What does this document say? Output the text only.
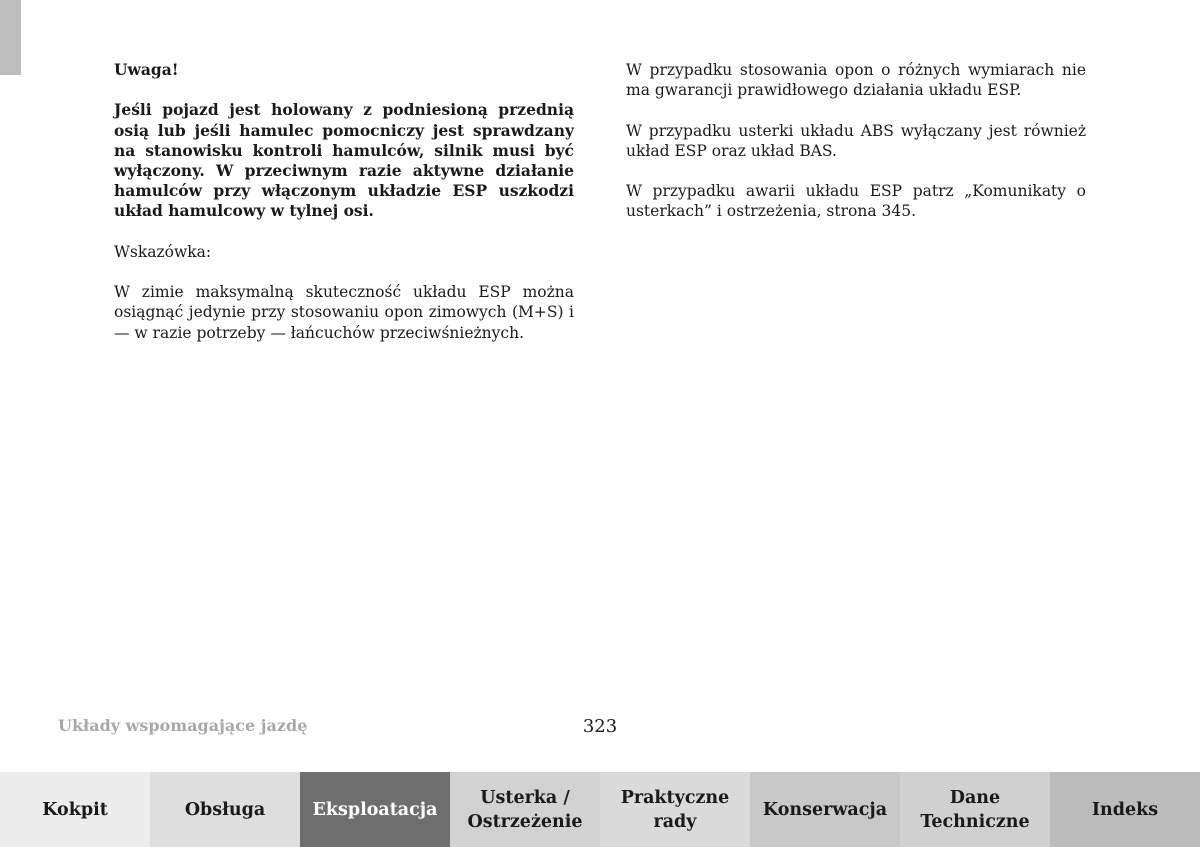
Uwaga!

Jeśli pojazd jest holowany z podniesioną przednią osią lub jeśli hamulec pomocniczy jest sprawdzany na stanowisku kontroli hamulców, silnik musi być wyłączony. W przeciwnym razie aktywne działanie hamulców przy włączonym układzie ESP uszkodzi układ hamulcowy w tylnej osi.

Wskazówka:

W zimie maksymalną skuteczność układu ESP można osiągnąć jedynie przy stosowaniu opon zimowych (M+S) i — w razie potrzeby — łańcuchów przeciwśnieżnych.

W przypadku stosowania opon o różnych wymiarach nie ma gwarancji prawidłowego działania układu ESP.

W przypadku usterki układu ABS wyłączany jest również układ ESP oraz układ BAS.

W przypadku awarii układu ESP patrz „Komunikaty o usterkach” i ostrzeżenia, strona 345.

Układy wspomagające jazdę	323
Kokpit	Obsługa	Eksploatacja
Usterka /
Ostrzeżenie
Praktyczne
rady
Konserwacja
Dane
Techniczne
Indeks
